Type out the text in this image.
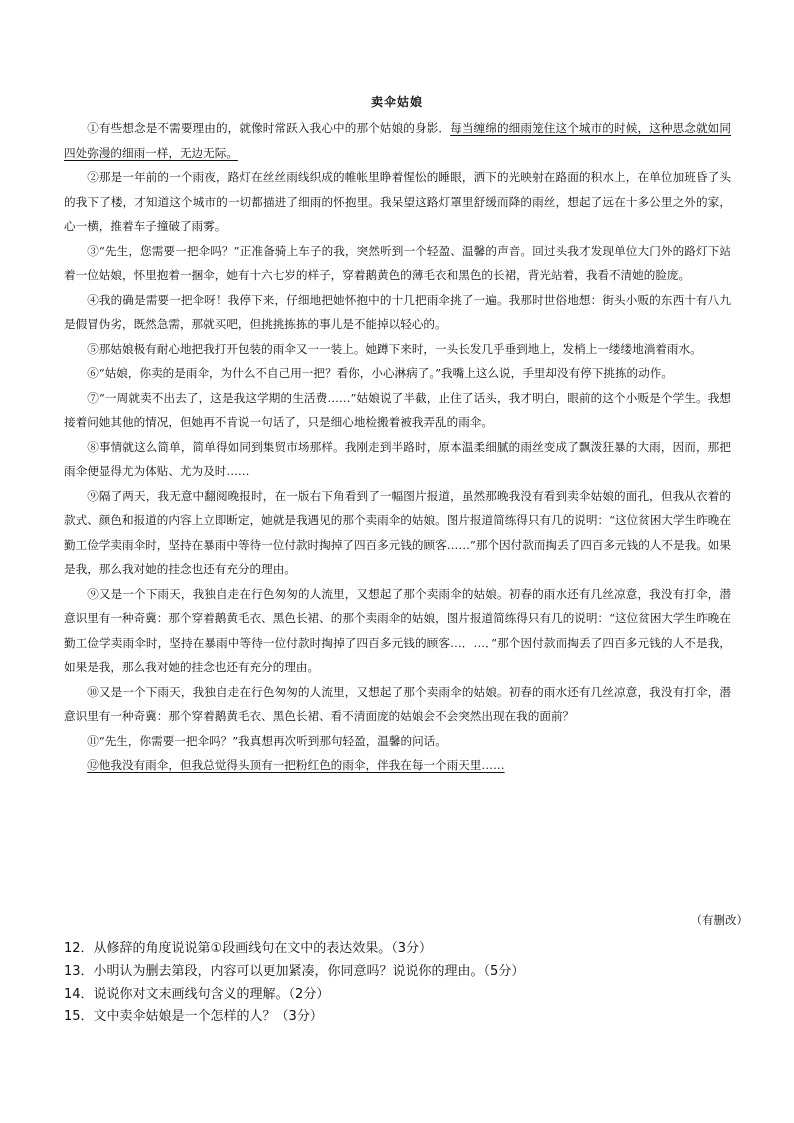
卖伞姑娘

①有些想念是不需要理由的，就像时常跃入我心中的那个姑娘的身影．每当缠绵的细雨笼住这个城市的时候，这种思念就如同四处弥漫的细雨一样，无边无际。

②那是一年前的一个雨夜，路灯在丝丝雨线织成的帷帐里睁着惺忪的睡眼，洒下的光映射在路面的积水上，在单位加班昏了头的我下了楼，才知道这个城市的一切都描进了细雨的怀抱里。我呆望这路灯罩里舒缓而降的雨丝，想起了远在十多公里之外的家，心一横，推着车子撞破了雨雾。

③“先生，您需要一把伞吗？”正准备骑上车子的我，突然听到一个轻盈、温馨的声音。回过头我才发现单位大门外的路灯下站着一位姑娘，怀里抱着一捆伞，她有十六七岁的样子，穿着鹅黄色的薄毛衣和黑色的长裙，背光站着，我看不清她的脸庞。

④我的确是需要一把伞呀！我停下来，仔细地把她怀抱中的十几把雨伞挑了一遍。我那时世俗地想：街头小贩的东西十有八九是假冒伪劣，既然急需，那就买吧，但挑挑拣拣的事儿是不能掉以轻心的。

⑤那姑娘极有耐心地把我打开包装的雨伞又一一装上。她蹲下来时，一头长发几乎垂到地上，发梢上一缕缕地淌着雨水。

⑥“姑娘，你卖的是雨伞，为什么不自己用一把？看你，小心淋病了。”我嘴上这么说，手里却没有停下挑拣的动作。

⑦“一周就卖不出去了，这是我这学期的生活费……”姑娘说了半截，止住了话头，我才明白，眼前的这个小贩是个学生。我想接着问她其他的情况，但她再不肯说一句话了，只是细心地检搬着被我弄乱的雨伞。

⑧事情就这么简单，简单得如同到集贸市场那样。我刚走到半路时，原本温柔细腻的雨丝变成了飘泼狂暴的大雨，因而，那把雨伞便显得尤为体贴、尤为及时……

⑨隔了两天，我无意中翻阅晚报时，在一版右下角看到了一幅图片报道，虽然那晚我没有看到卖伞姑娘的面孔，但我从衣着的款式、颜色和报道的内容上立即断定，她就是我遇见的那个卖雨伞的姑娘。图片报道简练得只有几的说明：“这位贫困大学生昨晚在勤工俭学卖雨伞时，坚持在暴雨中等待一位付款时掏掉了四百多元钱的顾客……”那个因付款而掏丢了四百多元钱的人不是我。如果是我，那么我对她的挂念也还有充分的理由。

⑨又是一个下雨天，我独自走在行色匆匆的人流里，又想起了那个卖雨伞的姑娘。初春的雨水还有几丝凉意，我没有打伞，潜意识里有一种奇冀：那个穿着鹅黄毛衣、黑色长裙、的那个卖雨伞的姑娘，图片报道简练得只有几的说明：“这位贫困大学生昨晚在勤工俭学卖雨伞时，坚持在暴雨中等待一位付款时掏掉了四百多元钱的顾客…．…．”那个因付款而掏丢了四百多元钱的人不是我，如果是我，那么我对她的挂念也还有充分的理由。

⑩又是一个下雨天，我独自走在行色匆匆的人流里，又想起了那个卖雨伞的姑娘。初春的雨水还有几丝凉意，我没有打伞，潜意识里有一种奇冀：那个穿着鹅黄毛衣、黑色长裙、看不清面庞的姑娘会不会突然出现在我的面前？

⑪“先生，你需要一把伞吗？”我真想再次听到那句轻盈，温馨的问话。

⑫他我没有雨伞，但我总觉得头顶有一把粉红色的雨伞，伴我在每一个雨天里……

（有删改）

12．从修辞的角度说说第①段画线句在文中的表达效果。（3分）

13．小明认为删去第段，内容可以更加紧凑，你同意吗？说说你的理由。（5分）

14．说说你对文末画线句含义的理解。（2分）

15．文中卖伞姑娘是一个怎样的人？（3分）
